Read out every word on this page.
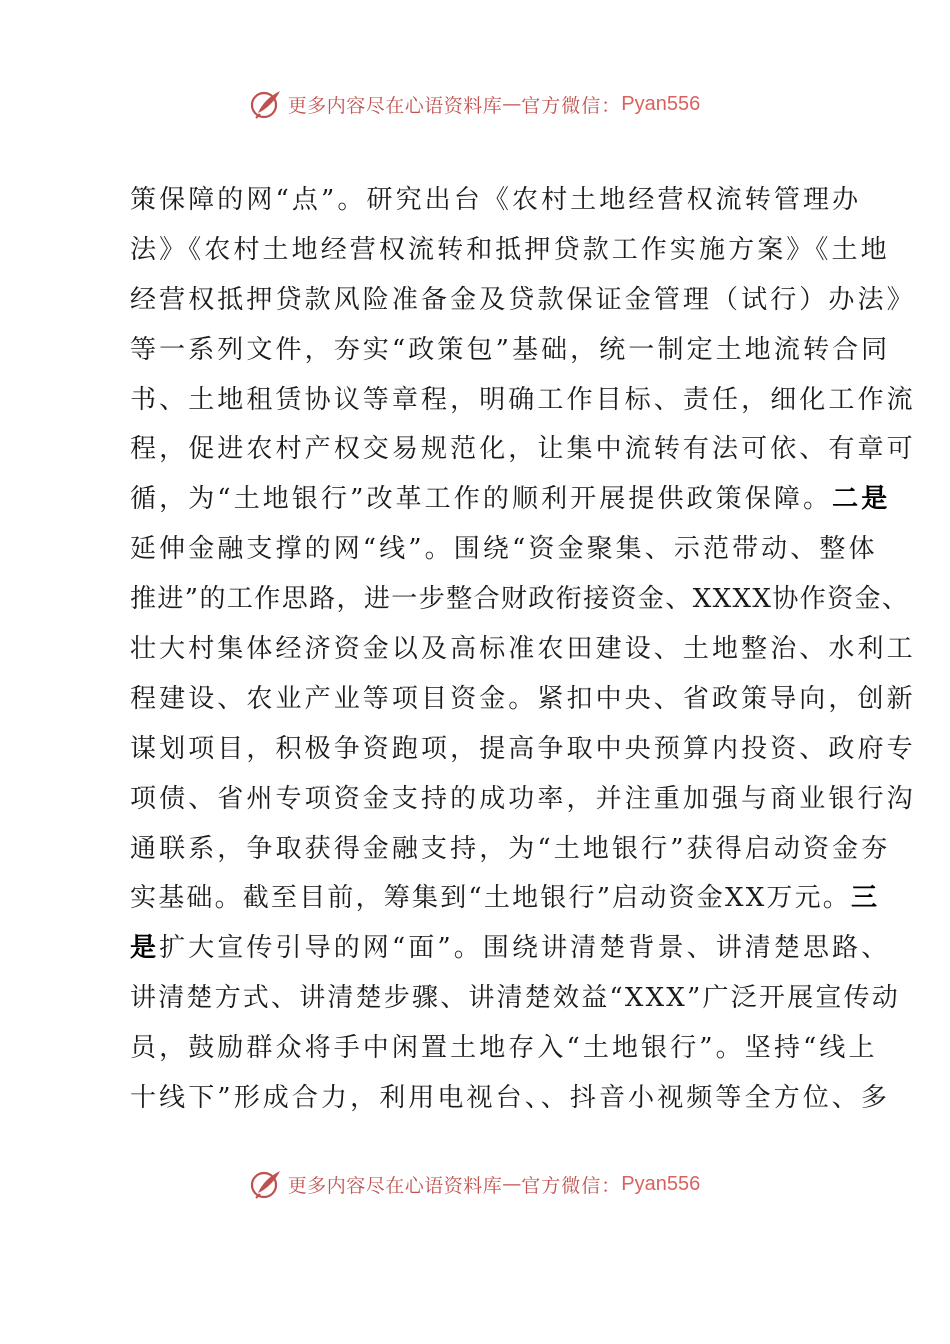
更多内容尽在心语资料库 — 官方微信： Pyan556
策保障的网“点”。研究出台《农村土地经营权流转管理办
法》《农村土地经营权流转和抵押贷款工作实施方案》《土地
经营权抵押贷款风险准备金及贷款保证金管理（试行）办法》
等一系列文件，夯实“政策包”基础，统一制定土地流转合同
书、土地租赁协议等章程，明确工作目标、责任，细化工作流
程，促进农村产权交易规范化，让集中流转有法可依、有章可
循，为“土地银行”改革工作的顺利开展提供政策保障。二是
延伸金融支撑的网“线”。围绕“资金聚集、示范带动、整体
推进”的工作思路，进一步整合财政衔接资金、XXXX协作资金、
壮大村集体经济资金以及高标准农田建设、土地整治、水利工
程建设、农业产业等项目资金。紧扣中央、省政策导向，创新
谋划项目，积极争资跑项，提高争取中央预算内投资、政府专
项债、省州专项资金支持的成功率，并注重加强与商业银行沟
通联系，争取获得金融支持，为“土地银行”获得启动资金夯
实基础。截至目前，筹集到“土地银行”启动资金XX万元。三
是扩大宣传引导的网“面”。围绕讲清楚背景、讲清楚思路、
讲清楚方式、讲清楚步骤、讲清楚效益“XXX”广泛开展宣传动
员，鼓励群众将手中闲置土地存入“土地银行”。坚持“线上
十线下”形成合力，利用电视台、、抖音小视频等全方位、多
更多内容尽在心语资料库 — 官方微信： Pyan556
